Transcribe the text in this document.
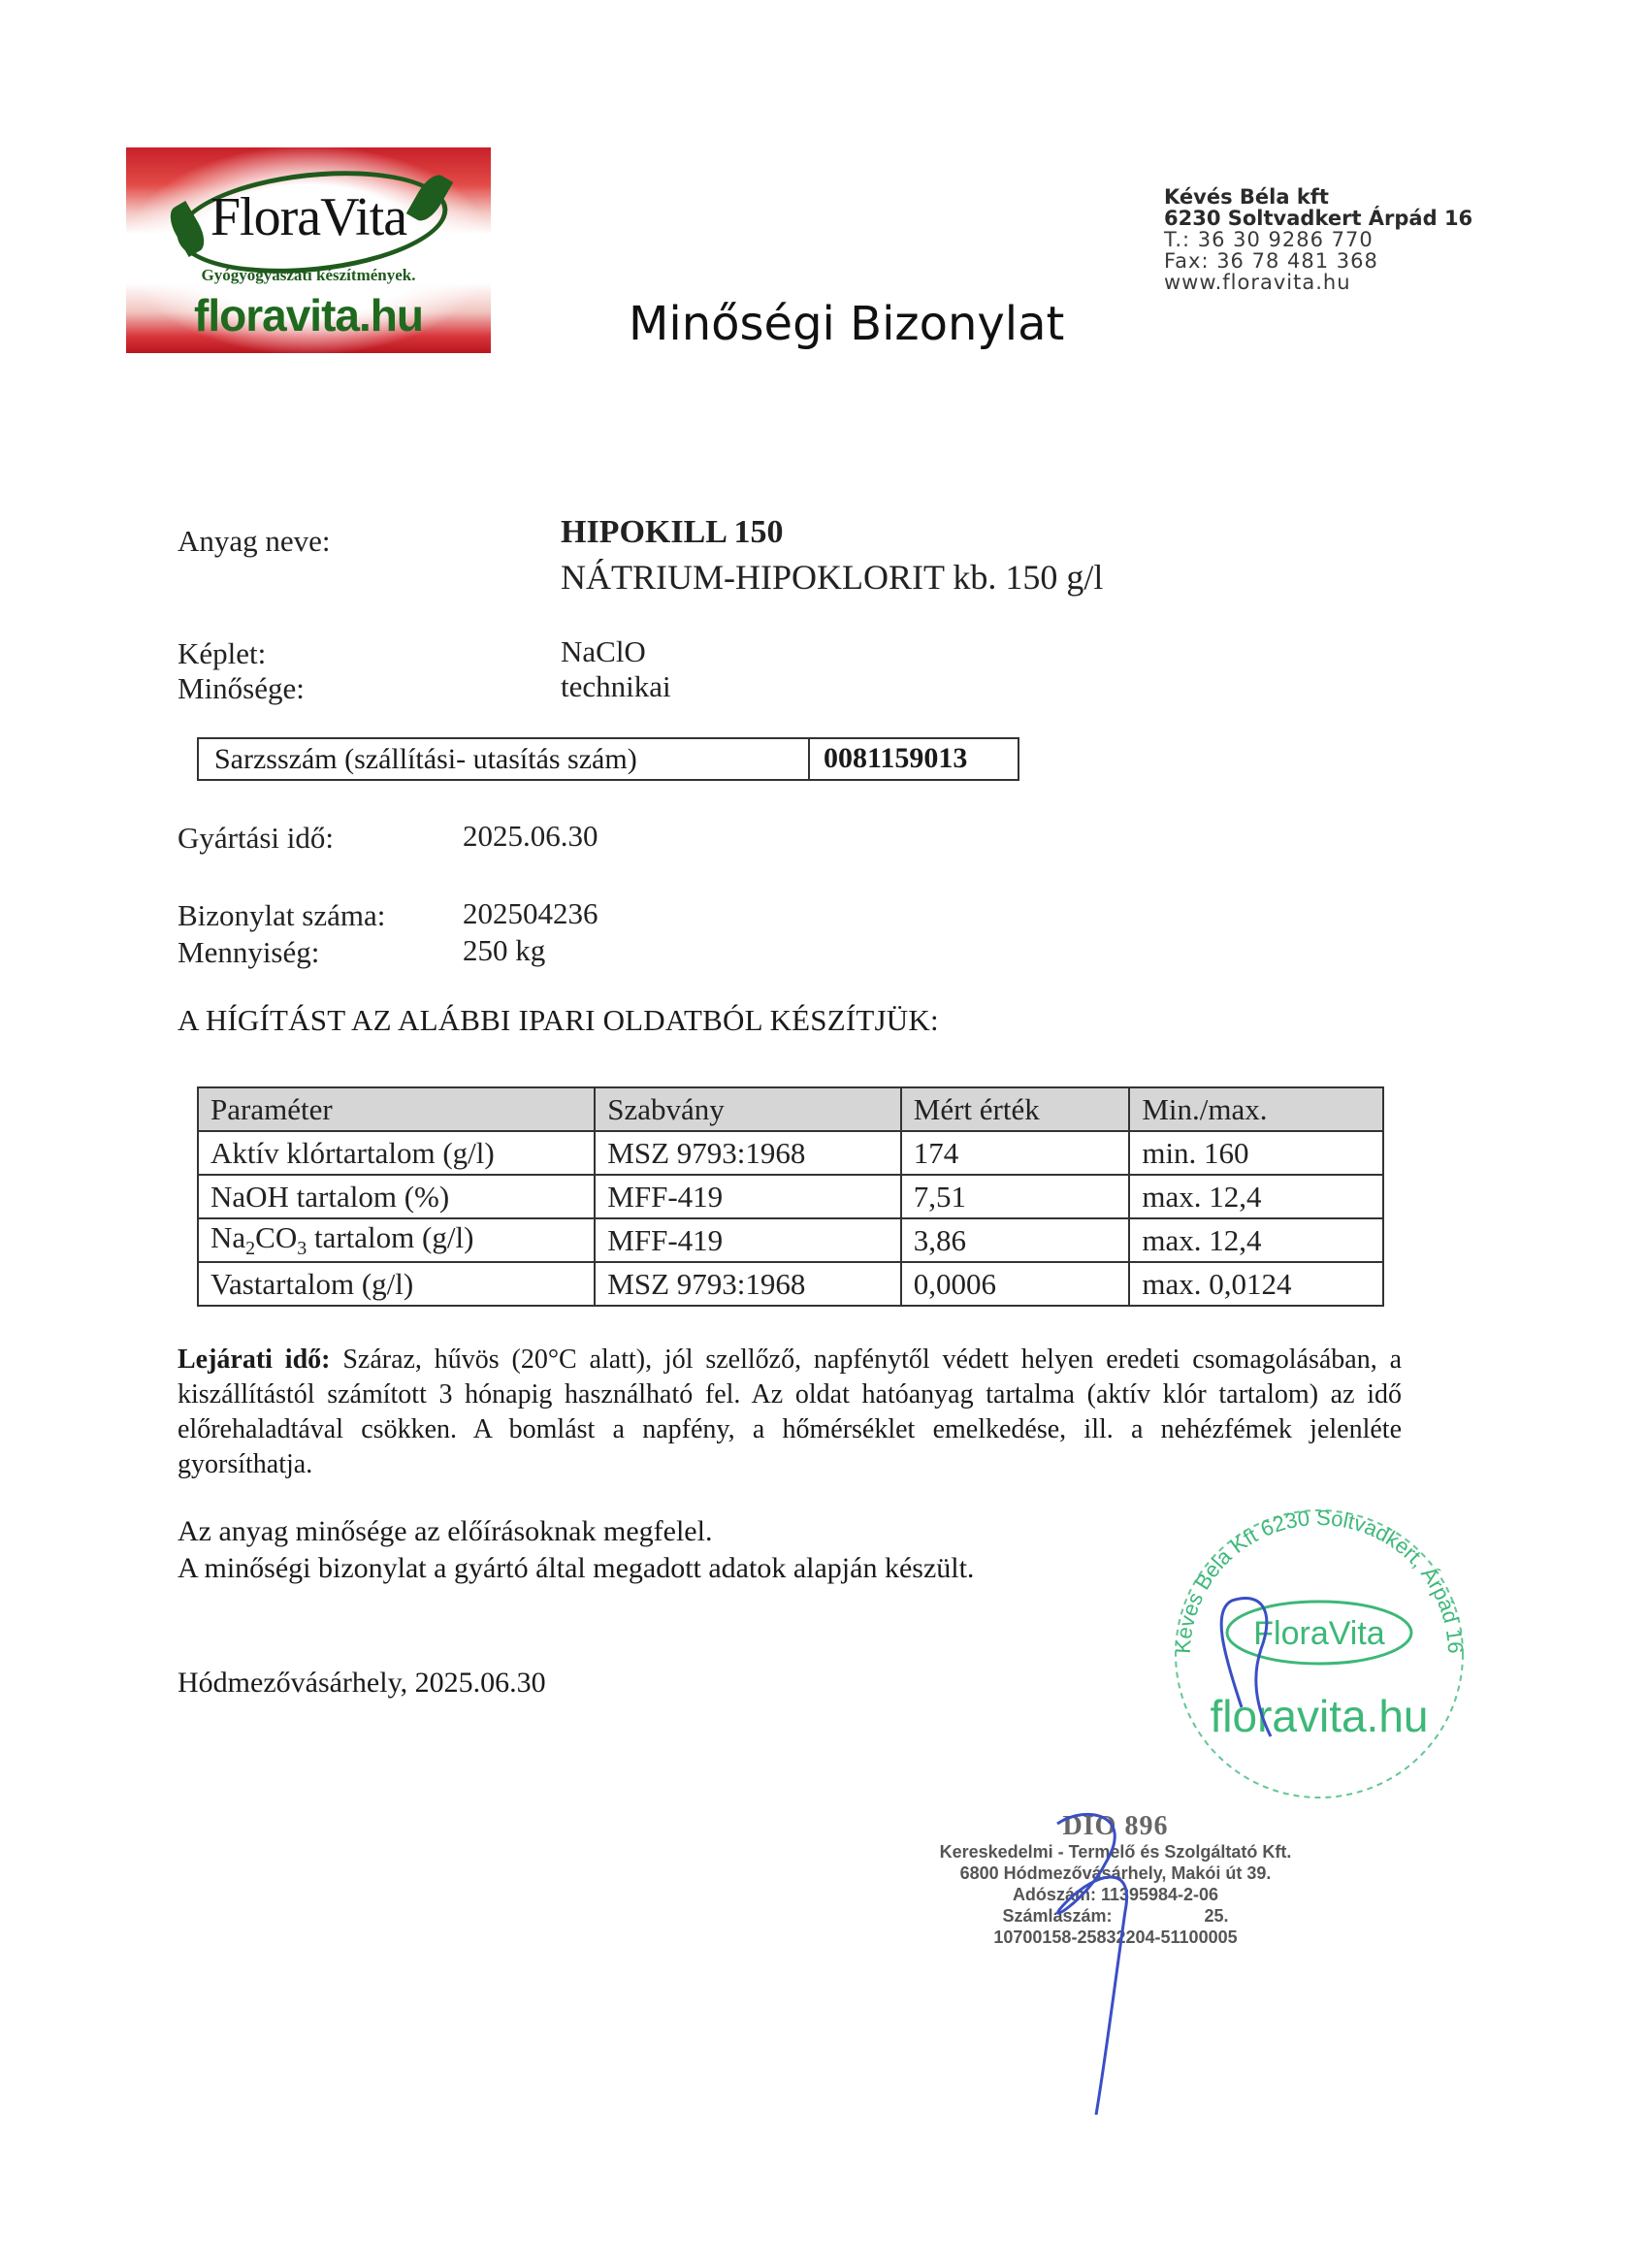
FloraVita
Gyógyógyászati készítmények.
floravita.hu
Kévés Béla kft
6230 Soltvadkert Árpád 16
T.: 36 30 9286 770
Fax: 36 78 481 368
www.floravita.hu
Minőségi Bizonylat
Anyag neve:	HIPOKILL 150
NÁTRIUM-HIPOKLORIT kb. 150 g/l
Képlet:	NaClO
Minősége:	technikai
Sarzsszám (szállítási- utasítás szám)	0081159013
Gyártási idő:	2025.06.30
Bizonylat száma:	202504236
Mennyiség:	250 kg
A HÍGÍTÁST AZ ALÁBBI IPARI OLDATBÓL KÉSZÍTJÜK:
Paraméter	Szabvány	Mért érték	Min./max.
Aktív klórtartalom (g/l)	MSZ 9793:1968	174	min. 160
NaOH tartalom (%)	MFF-419	7,51	max. 12,4
$Na_2CO_3$ tartalom (g/l)	MFF-419	3,86	max. 12,4
Vastartalom (g/l)	MSZ 9793:1968	0,0006	max. 0,0124
Lejárati idő: Száraz, hűvös (20°C alatt), jól szellőző, napfénytől védett helyen eredeti csomagolásában, a kiszállítástól számított 3 hónapig használható fel. Az oldat hatóanyag tartalma (aktív klór tartalom) az idő előrehaladtával csökken. A bomlást a napfény, a hőmérséklet emelkedése, ill. a nehézfémek jelenléte gyorsíthatja.
Az anyag minősége az előírásoknak megfelel.
A minőségi bizonylat a gyártó által megadott adatok alapján készült.
Hódmezővásárhely, 2025.06.30
Keves Bela Kft 6230 Soltvadkert, Árpád 16
FloraVita
floravita.hu
DIO 896
Kereskedelmi - Termelő és Szolgáltató Kft.
6800 Hódmezővásárhely, Makói út 39.
Adószám: 11395984-2-06
Számlaszám:	25.
10700158-25832204-51100005
